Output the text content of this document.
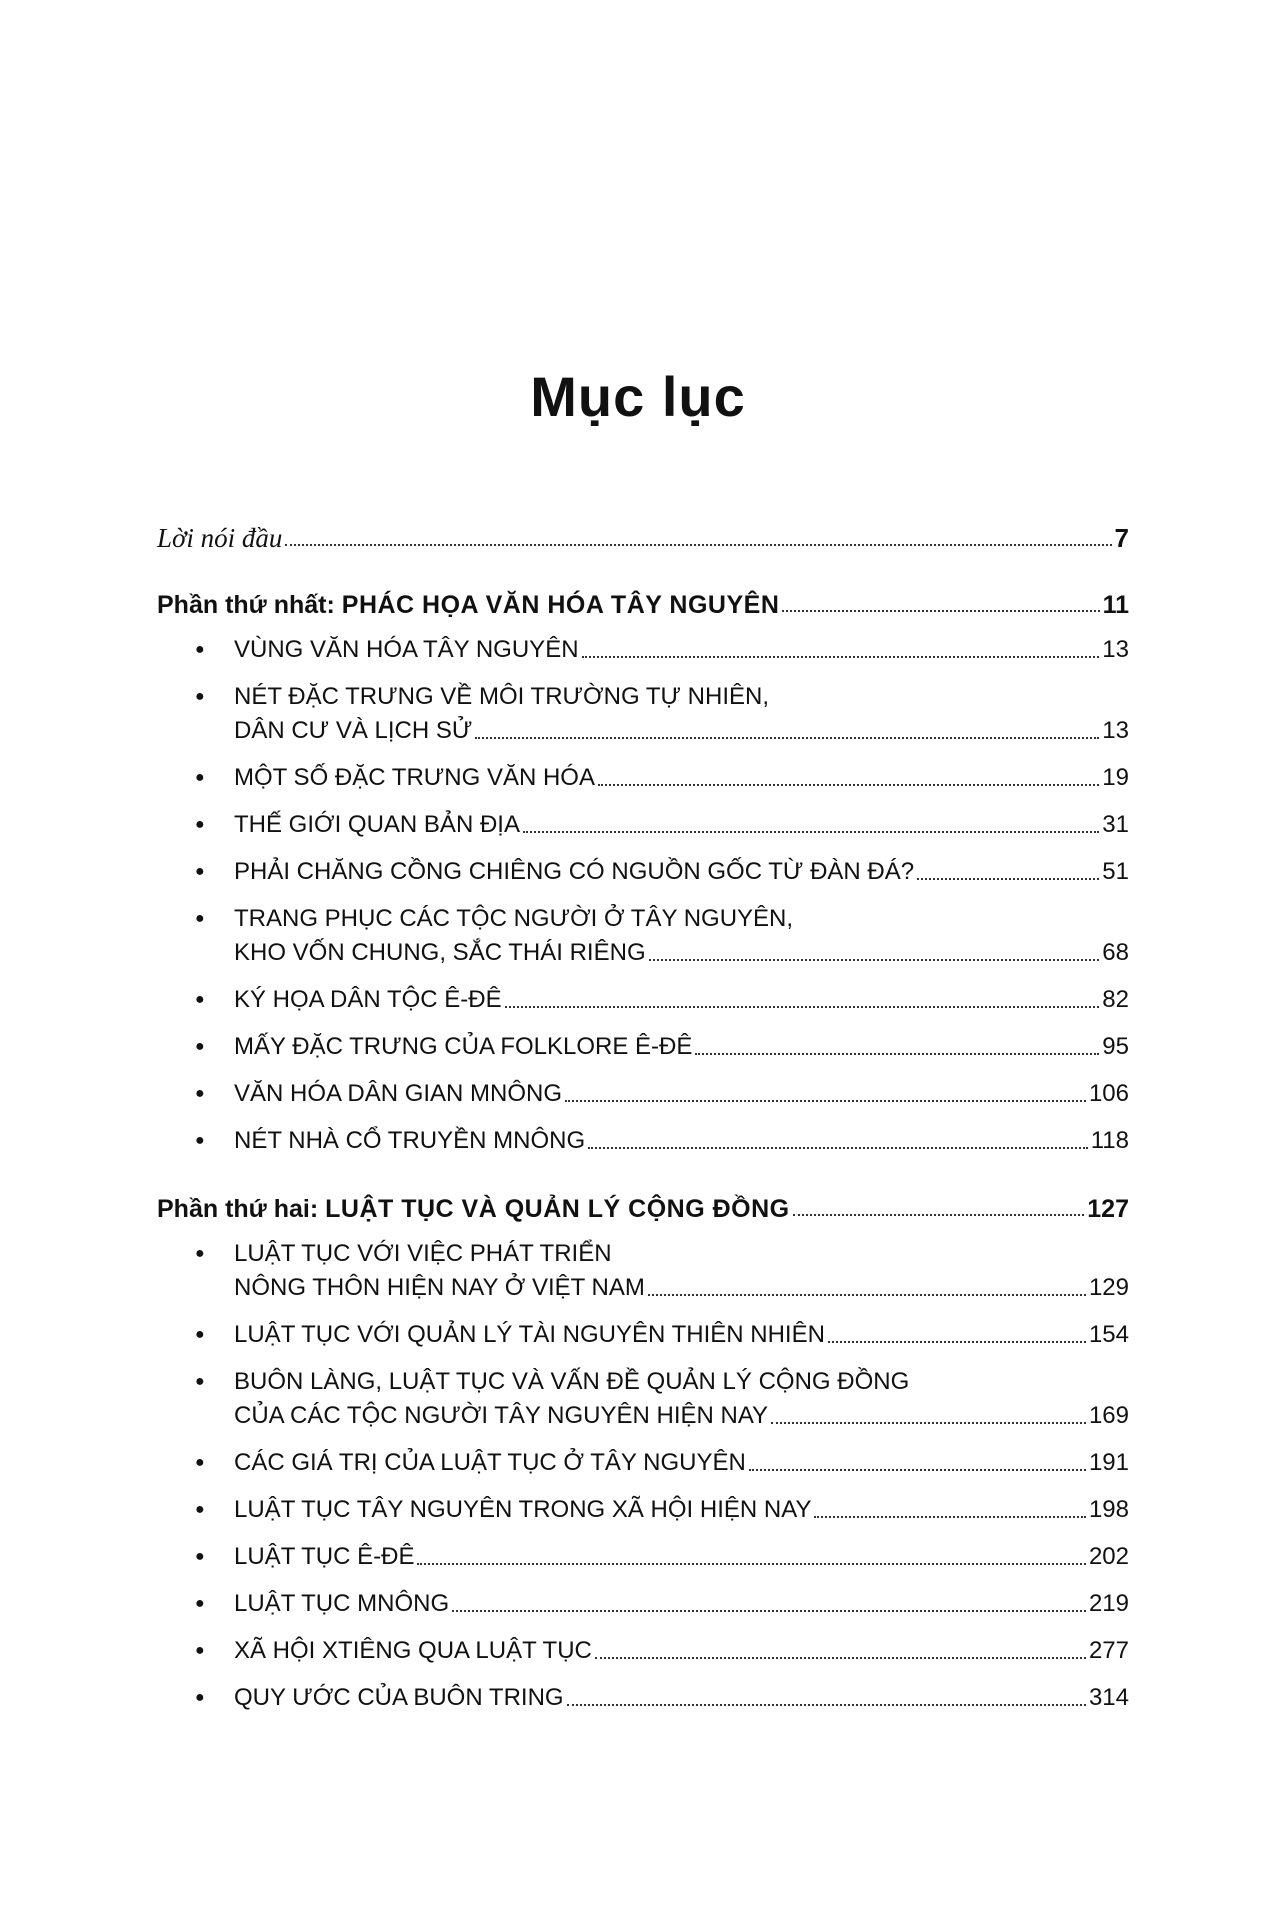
Mục lục
Lời nói đầu	7
Phần thứ nhất: PHÁC HỌA VĂN HÓA TÂY NGUYÊN	11
●	VÙNG VĂN HÓA TÂY NGUYÊN	13
●	NÉT ĐẶC TRƯNG VỀ MÔI TRƯỜNG TỰ NHIÊN,
DÂN CƯ VÀ LỊCH SỬ	13
●	MỘT SỐ ĐẶC TRƯNG VĂN HÓA	19
●	THẾ GIỚI QUAN BẢN ĐỊA	31
●	PHẢI CHĂNG CỒNG CHIÊNG CÓ NGUỒN GỐC TỪ ĐÀN ĐÁ?	51
●	TRANG PHỤC CÁC TỘC NGƯỜI Ở TÂY NGUYÊN,
KHO VỐN CHUNG, SẮC THÁI RIÊNG	68
●	KÝ HỌA DÂN TỘC Ê-ĐÊ	82
●	MẤY ĐẶC TRƯNG CỦA FOLKLORE Ê-ĐÊ	95
●	VĂN HÓA DÂN GIAN MNÔNG	106
●	NÉT NHÀ CỔ TRUYỀN MNÔNG	118
Phần thứ hai: LUẬT TỤC VÀ QUẢN LÝ CỘNG ĐỒNG	127
●	LUẬT TỤC VỚI VIỆC PHÁT TRIỂN
NÔNG THÔN HIỆN NAY Ở VIỆT NAM	129
●	LUẬT TỤC VỚI QUẢN LÝ TÀI NGUYÊN THIÊN NHIÊN	154
●	BUÔN LÀNG, LUẬT TỤC VÀ VẤN ĐỀ QUẢN LÝ CỘNG ĐỒNG
CỦA CÁC TỘC NGƯỜI TÂY NGUYÊN HIỆN NAY	169
●	CÁC GIÁ TRỊ CỦA LUẬT TỤC Ở TÂY NGUYÊN	191
●	LUẬT TỤC TÂY NGUYÊN TRONG XÃ HỘI HIỆN NAY	198
●	LUẬT TỤC Ê-ĐÊ	202
●	LUẬT TỤC MNÔNG	219
●	XÃ HỘI XTIÊNG QUA LUẬT TỤC	277
●	QUY ƯỚC CỦA BUÔN TRING	314
